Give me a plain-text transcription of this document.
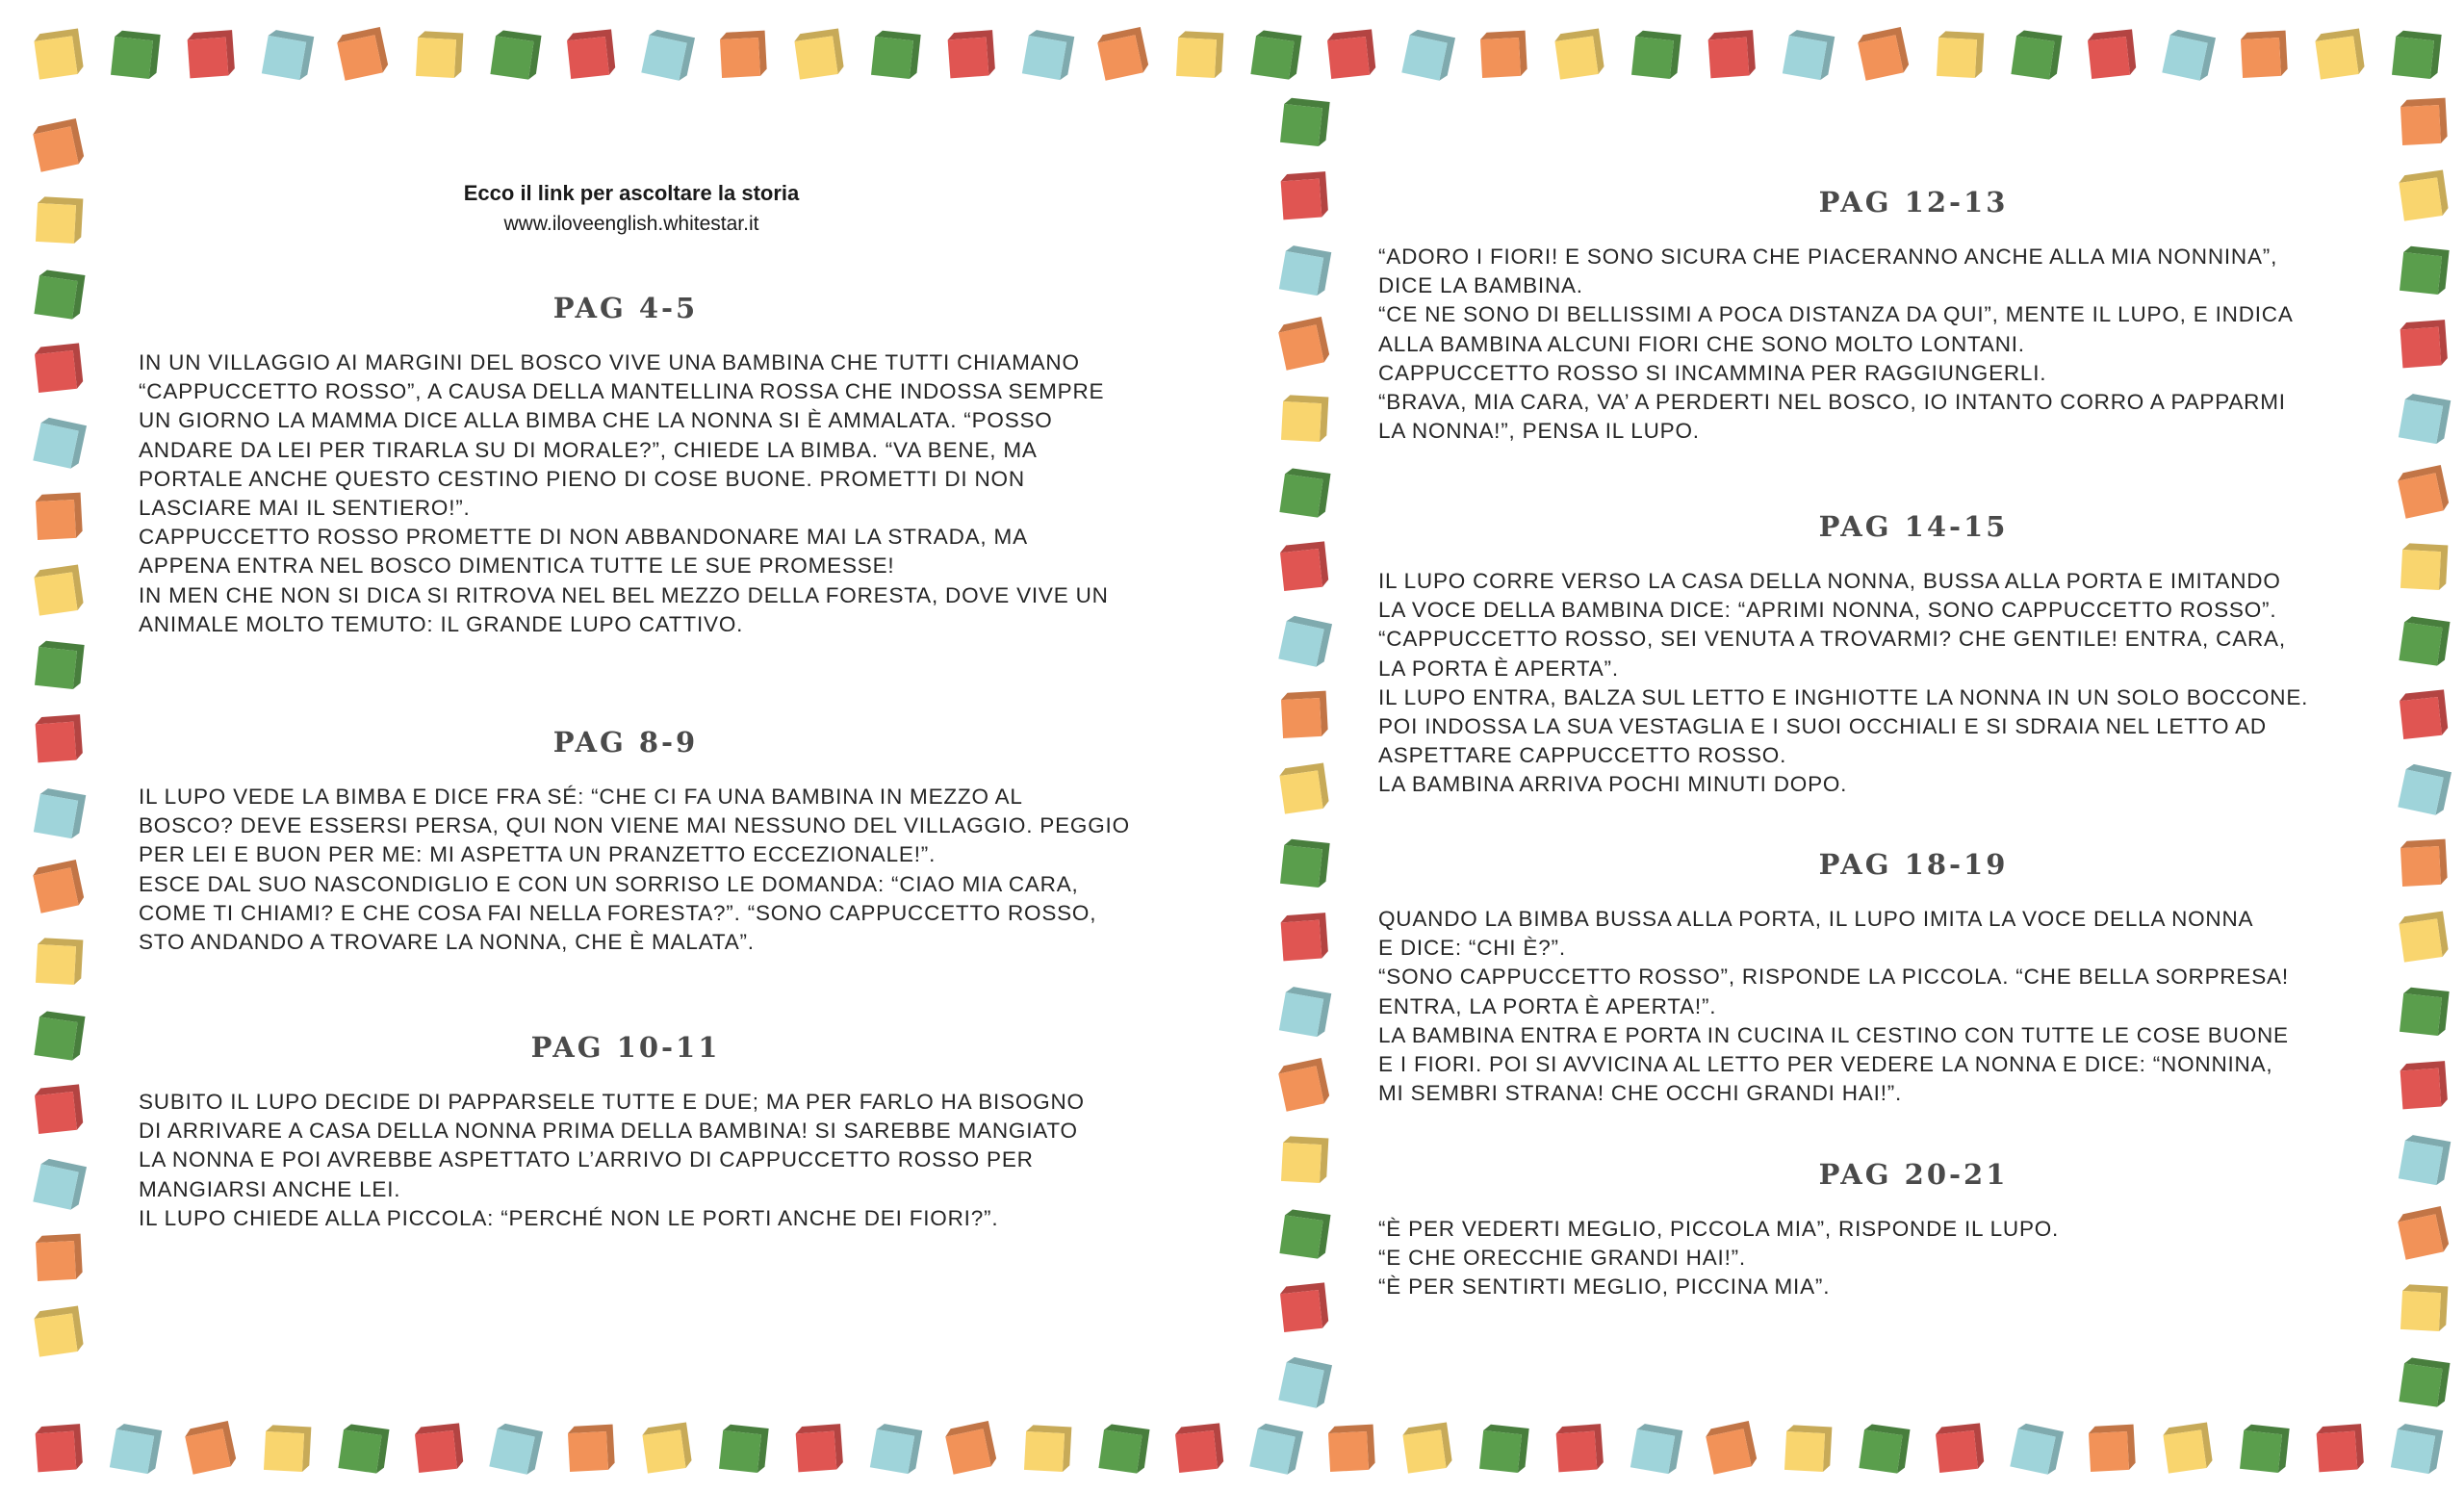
Ecco il link per ascoltare la storia
www.iloveenglish.whitestar.it
PAG 4-5

IN UN VILLAGGIO AI MARGINI DEL BOSCO VIVE UNA BAMBINA CHE TUTTI CHIAMANO

“CAPPUCCETTO ROSSO”, A CAUSA DELLA MANTELLINA ROSSA CHE INDOSSA SEMPRE

UN GIORNO LA MAMMA DICE ALLA BIMBA CHE LA NONNA SI È AMMALATA. “POSSO

ANDARE DA LEI PER TIRARLA SU DI MORALE?”, CHIEDE LA BIMBA. “VA BENE, MA

PORTALE ANCHE QUESTO CESTINO PIENO DI COSE BUONE. PROMETTI DI NON

LASCIARE MAI IL SENTIERO!”.

CAPPUCCETTO ROSSO PROMETTE DI NON ABBANDONARE MAI LA STRADA, MA

APPENA ENTRA NEL BOSCO DIMENTICA TUTTE LE SUE PROMESSE!

IN MEN CHE NON SI DICA SI RITROVA NEL BEL MEZZO DELLA FORESTA, DOVE VIVE UN

ANIMALE MOLTO TEMUTO: IL GRANDE LUPO CATTIVO.

PAG 8-9

IL LUPO VEDE LA BIMBA E DICE FRA SÉ: “CHE CI FA UNA BAMBINA IN MEZZO AL

BOSCO? DEVE ESSERSI PERSA, QUI NON VIENE MAI NESSUNO DEL VILLAGGIO. PEGGIO

PER LEI E BUON PER ME: MI ASPETTA UN PRANZETTO ECCEZIONALE!”.

ESCE DAL SUO NASCONDIGLIO E CON UN SORRISO LE DOMANDA: “CIAO MIA CARA,

COME TI CHIAMI? E CHE COSA FAI NELLA FORESTA?”. “SONO CAPPUCCETTO ROSSO,

STO ANDANDO A TROVARE LA NONNA, CHE È MALATA”.

PAG 10-11

SUBITO IL LUPO DECIDE DI PAPPARSELE TUTTE E DUE; MA PER FARLO HA BISOGNO

DI ARRIVARE A CASA DELLA NONNA PRIMA DELLA BAMBINA! SI SAREBBE MANGIATO

LA NONNA E POI AVREBBE ASPETTATO L’ARRIVO DI CAPPUCCETTO ROSSO PER

MANGIARSI ANCHE LEI.

IL LUPO CHIEDE ALLA PICCOLA: “PERCHÉ NON LE PORTI ANCHE DEI FIORI?”.

PAG 12-13

“ADORO I FIORI! E SONO SICURA CHE PIACERANNO ANCHE ALLA MIA NONNINA”,

DICE LA BAMBINA.

“CE NE SONO DI BELLISSIMI A POCA DISTANZA DA QUI”, MENTE IL LUPO, E INDICA

ALLA BAMBINA ALCUNI FIORI CHE SONO MOLTO LONTANI.

CAPPUCCETTO ROSSO SI INCAMMINA PER RAGGIUNGERLI.

“BRAVA, MIA CARA, VA’ A PERDERTI NEL BOSCO, IO INTANTO CORRO A PAPPARMI

LA NONNA!”, PENSA IL LUPO.

PAG 14-15

IL LUPO CORRE VERSO LA CASA DELLA NONNA, BUSSA ALLA PORTA E IMITANDO

LA VOCE DELLA BAMBINA DICE: “APRIMI NONNA, SONO CAPPUCCETTO ROSSO”.

“CAPPUCCETTO ROSSO, SEI VENUTA A TROVARMI? CHE GENTILE! ENTRA, CARA,

LA PORTA È APERTA”.

IL LUPO ENTRA, BALZA SUL LETTO E INGHIOTTE LA NONNA IN UN SOLO BOCCONE.

POI INDOSSA LA SUA VESTAGLIA E I SUOI OCCHIALI E SI SDRAIA NEL LETTO AD

ASPETTARE CAPPUCCETTO ROSSO.

LA BAMBINA ARRIVA POCHI MINUTI DOPO.

PAG 18-19

QUANDO LA BIMBA BUSSA ALLA PORTA, IL LUPO IMITA LA VOCE DELLA NONNA

E DICE: “CHI È?”.

“SONO CAPPUCCETTO ROSSO”, RISPONDE LA PICCOLA. “CHE BELLA SORPRESA!

ENTRA, LA PORTA È APERTA!”.

LA BAMBINA ENTRA E PORTA IN CUCINA IL CESTINO CON TUTTE LE COSE BUONE

E I FIORI. POI SI AVVICINA AL LETTO PER VEDERE LA NONNA E DICE: “NONNINA,

MI SEMBRI STRANA! CHE OCCHI GRANDI HAI!”.

PAG 20-21

“È PER VEDERTI MEGLIO, PICCOLA MIA”, RISPONDE IL LUPO.

“E CHE ORECCHIE GRANDI HAI!”.

“È PER SENTIRTI MEGLIO, PICCINA MIA”.
